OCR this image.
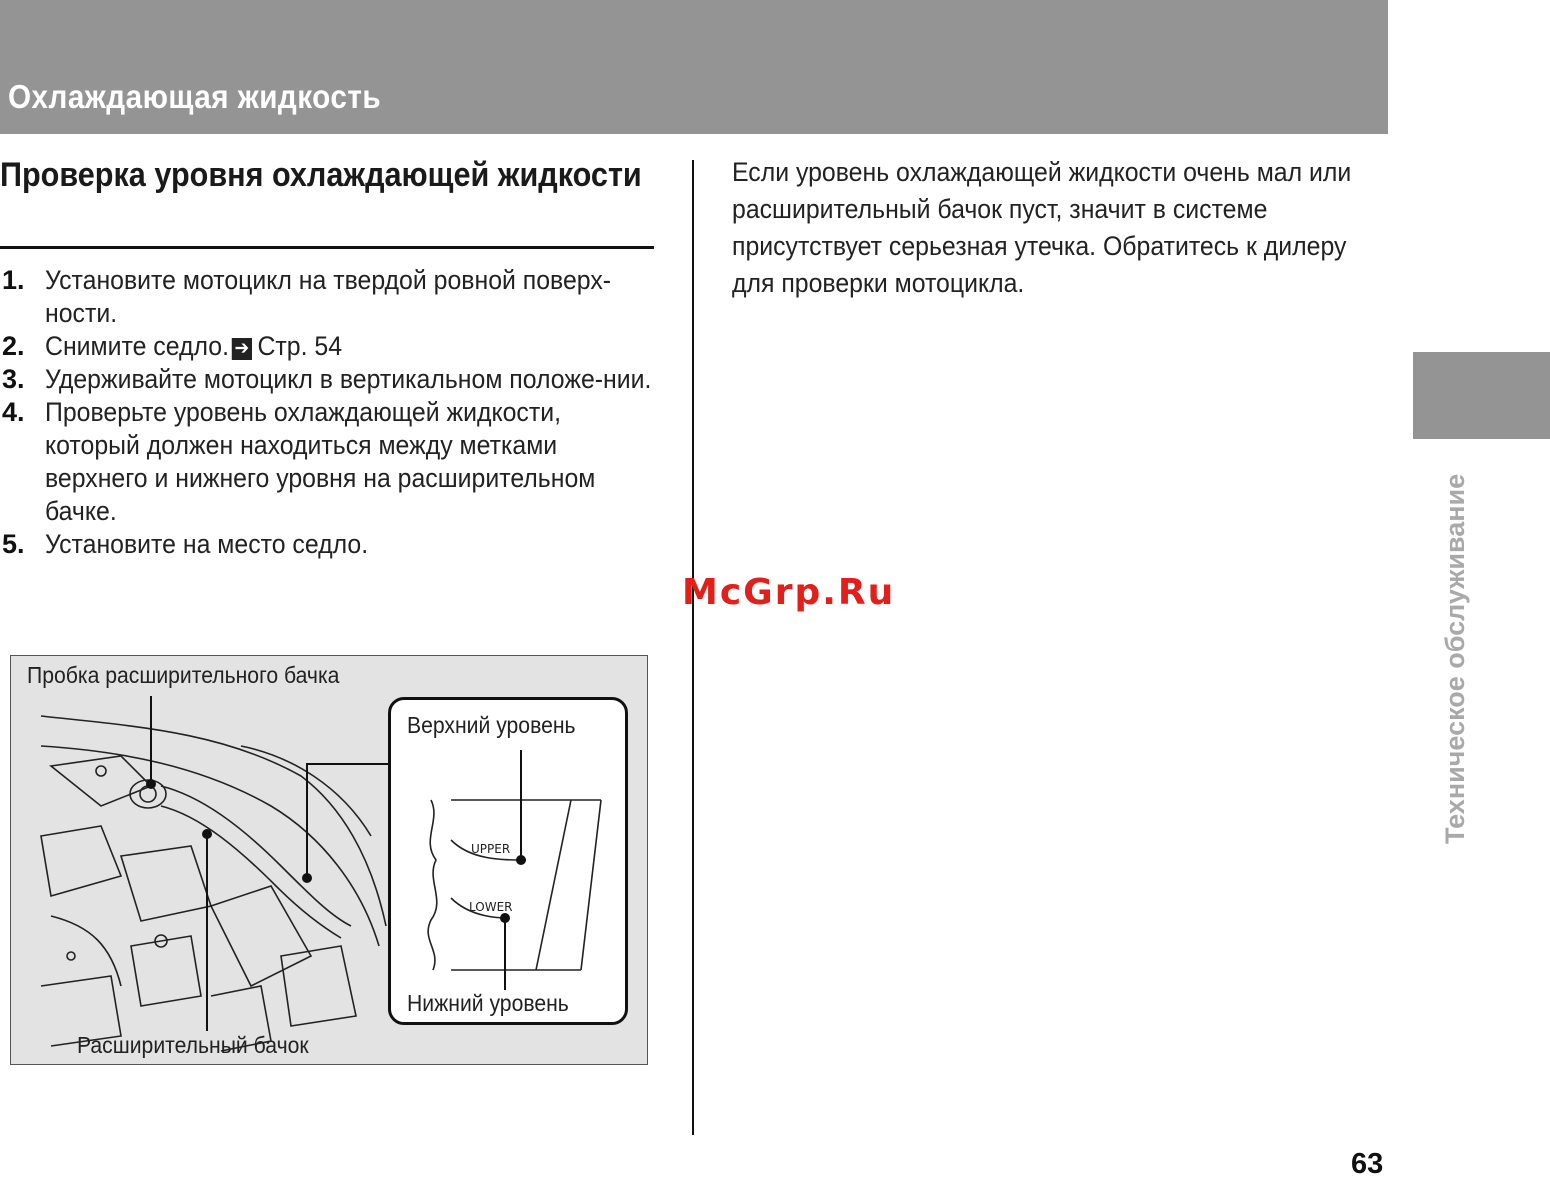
Охлаждающая жидкость
Проверка уровня охлаждающей жидкости
1. Установите мотоцикл на твердой ровной поверх-ности.
2. Снимите седло. ➔ Стр. 54
3. Удерживайте мотоцикл в вертикальном положе-нии.
4. Проверьте уровень охлаждающей жидкости, который должен находиться между метками верхнего и нижнего уровня на расширительном бачке.
5. Установите на место седло.
Пробка расширительного бачка
Расширительный бачок
UPPER
LOWER
Верхний уровень
Нижний уровень

Если уровень охлаждающей жидкости очень мал или расширительный бачок пуст, значит в системе присутствует серьезная утечка. Обратитесь к дилеру для проверки мотоцикла.

McGrp.Ru	Техническое обслуживание
63
